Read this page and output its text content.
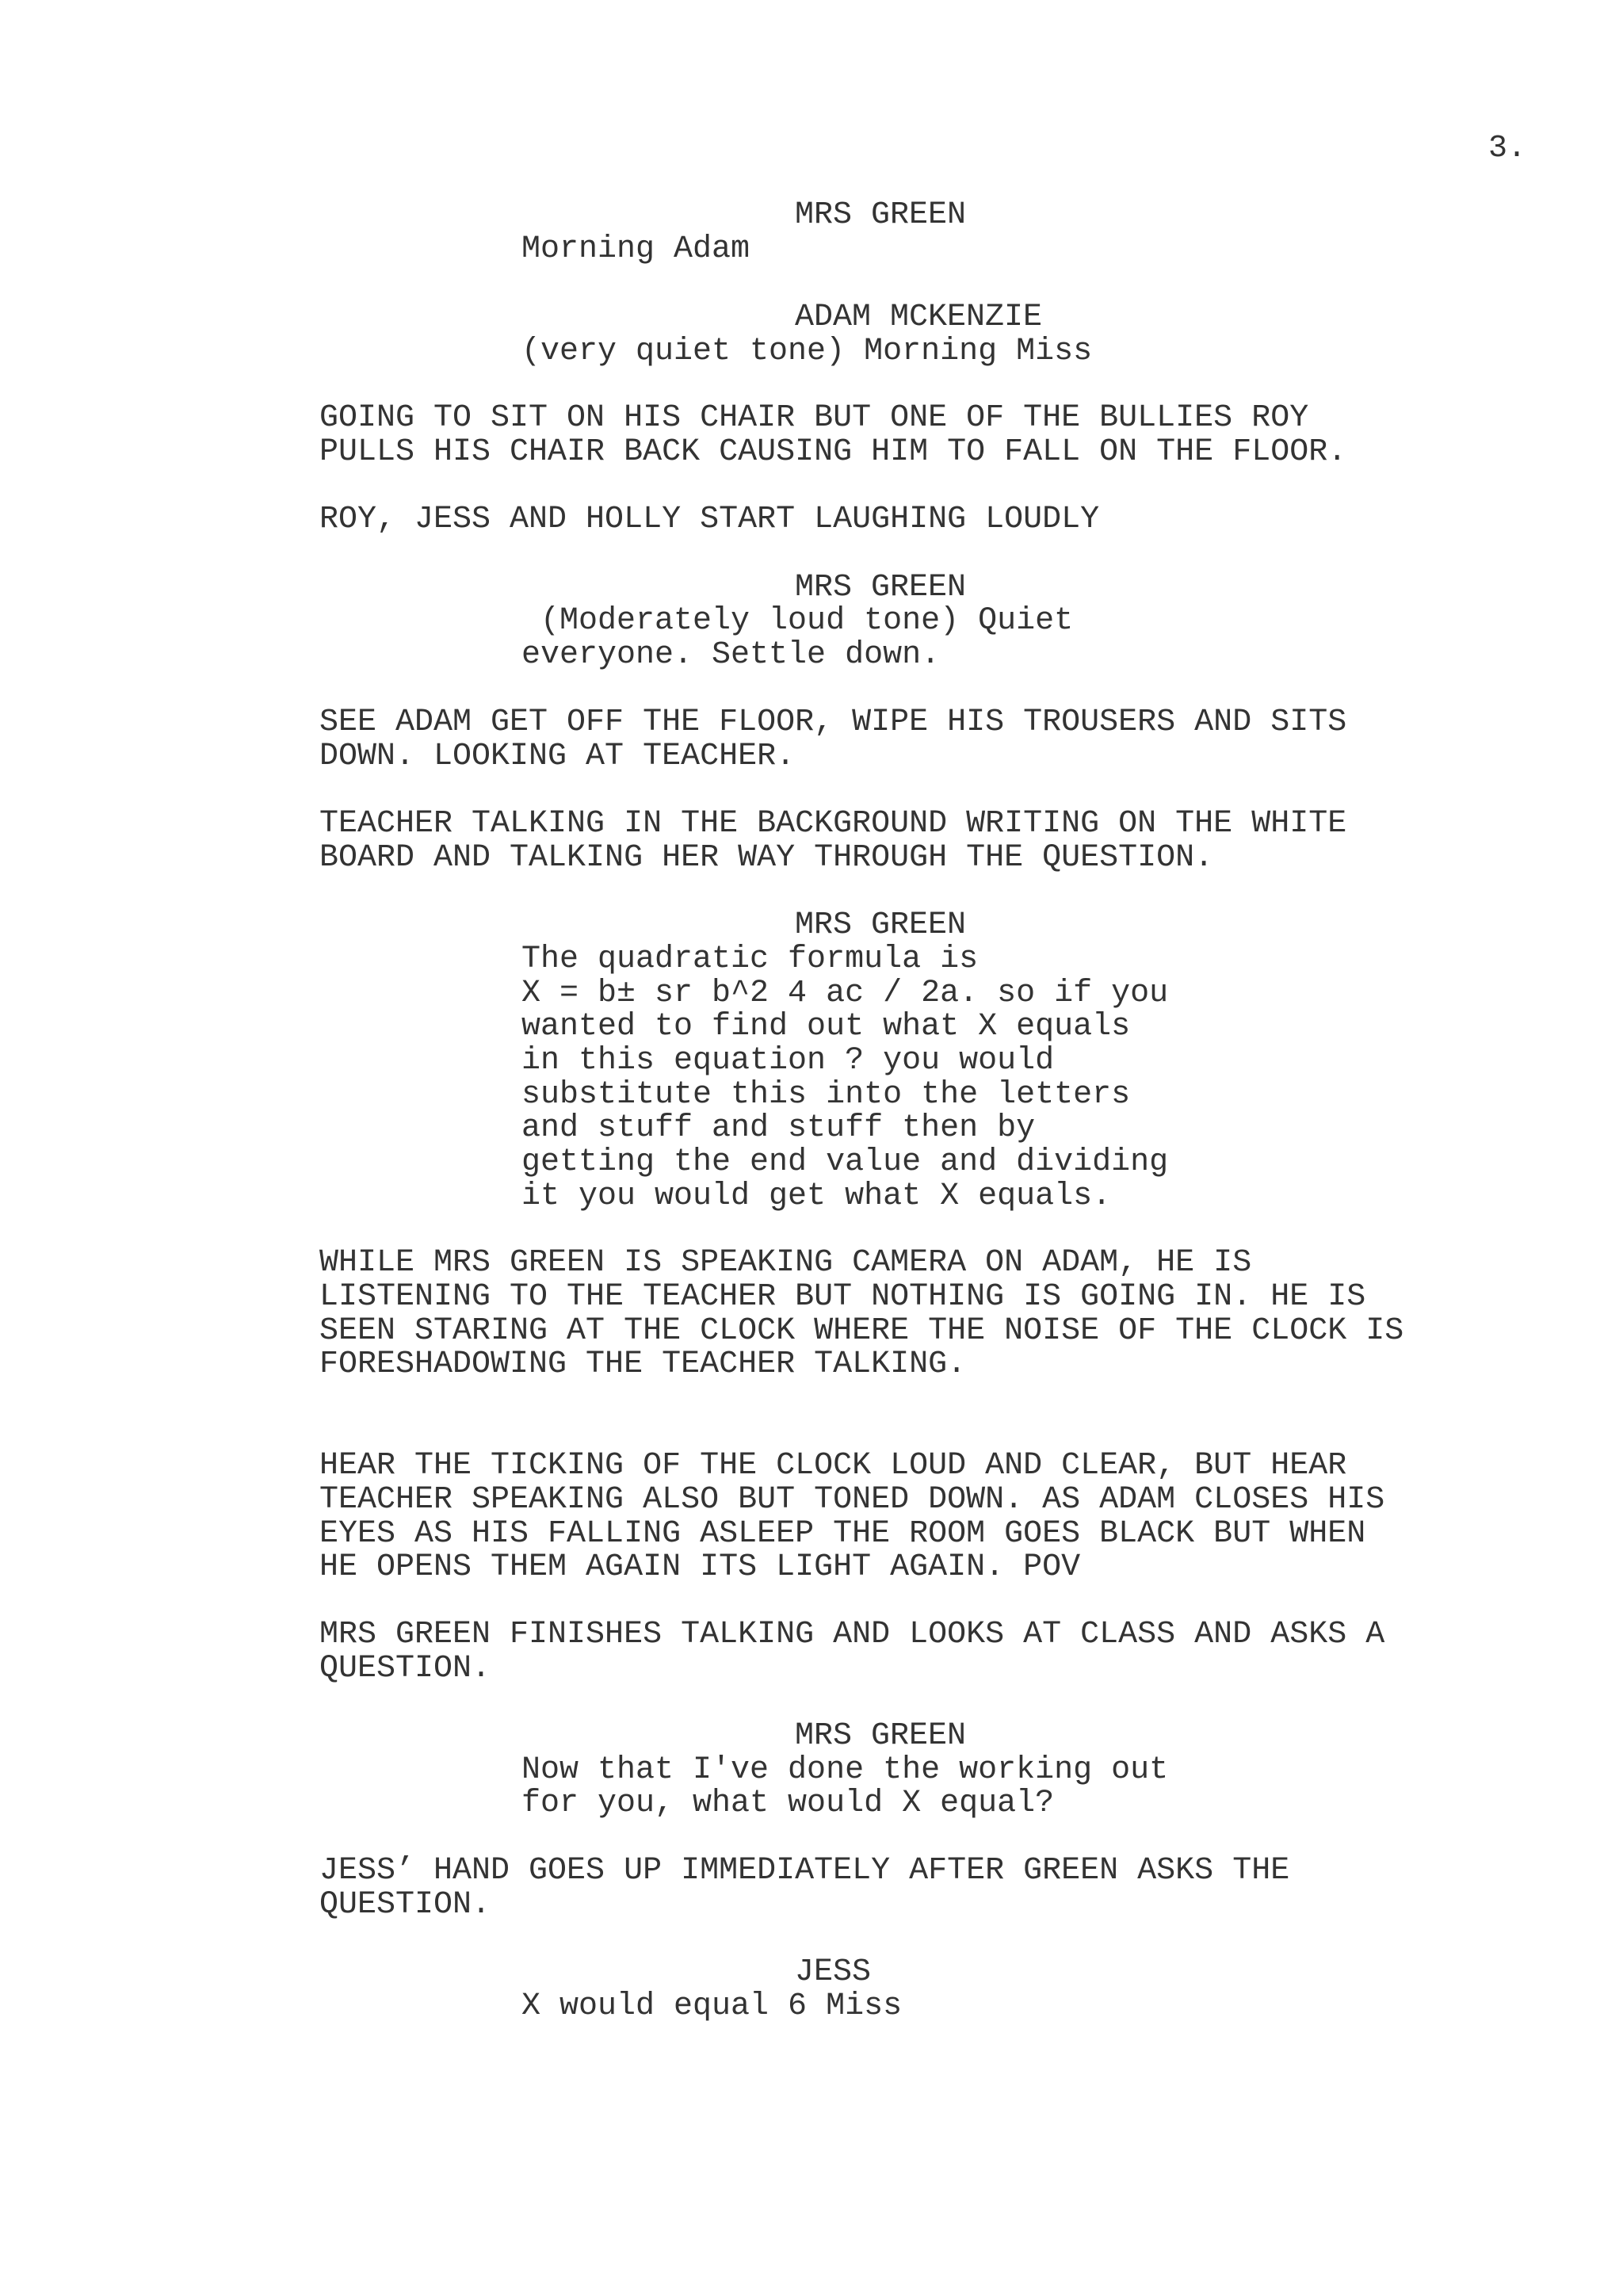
3.
MRS GREEN
Morning Adam
ADAM MCKENZIE
(very quiet tone) Morning Miss
GOING TO SIT ON HIS CHAIR BUT ONE OF THE BULLIES ROY
PULLS HIS CHAIR BACK CAUSING HIM TO FALL ON THE FLOOR.
ROY, JESS AND HOLLY START LAUGHING LOUDLY
MRS GREEN
(Moderately loud tone) Quiet
everyone. Settle down.
SEE ADAM GET OFF THE FLOOR, WIPE HIS TROUSERS AND SITS
DOWN. LOOKING AT TEACHER.
TEACHER TALKING IN THE BACKGROUND WRITING ON THE WHITE
BOARD AND TALKING HER WAY THROUGH THE QUESTION.
MRS GREEN
The quadratic formula is
X = b± sr b^2 4 ac / 2a. so if you
wanted to find out what X equals
in this equation ? you would
substitute this into the letters
and stuff and stuff then by
getting the end value and dividing
it you would get what X equals.
WHILE MRS GREEN IS SPEAKING CAMERA ON ADAM, HE IS
LISTENING TO THE TEACHER BUT NOTHING IS GOING IN. HE IS
SEEN STARING AT THE CLOCK WHERE THE NOISE OF THE CLOCK IS
FORESHADOWING THE TEACHER TALKING.
HEAR THE TICKING OF THE CLOCK LOUD AND CLEAR, BUT HEAR
TEACHER SPEAKING ALSO BUT TONED DOWN. AS ADAM CLOSES HIS
EYES AS HIS FALLING ASLEEP THE ROOM GOES BLACK BUT WHEN
HE OPENS THEM AGAIN ITS LIGHT AGAIN. POV
MRS GREEN FINISHES TALKING AND LOOKS AT CLASS AND ASKS A
QUESTION.
MRS GREEN
Now that I've done the working out
for you, what would X equal?
JESS’ HAND GOES UP IMMEDIATELY AFTER GREEN ASKS THE
QUESTION.
JESS
X would equal 6 Miss
